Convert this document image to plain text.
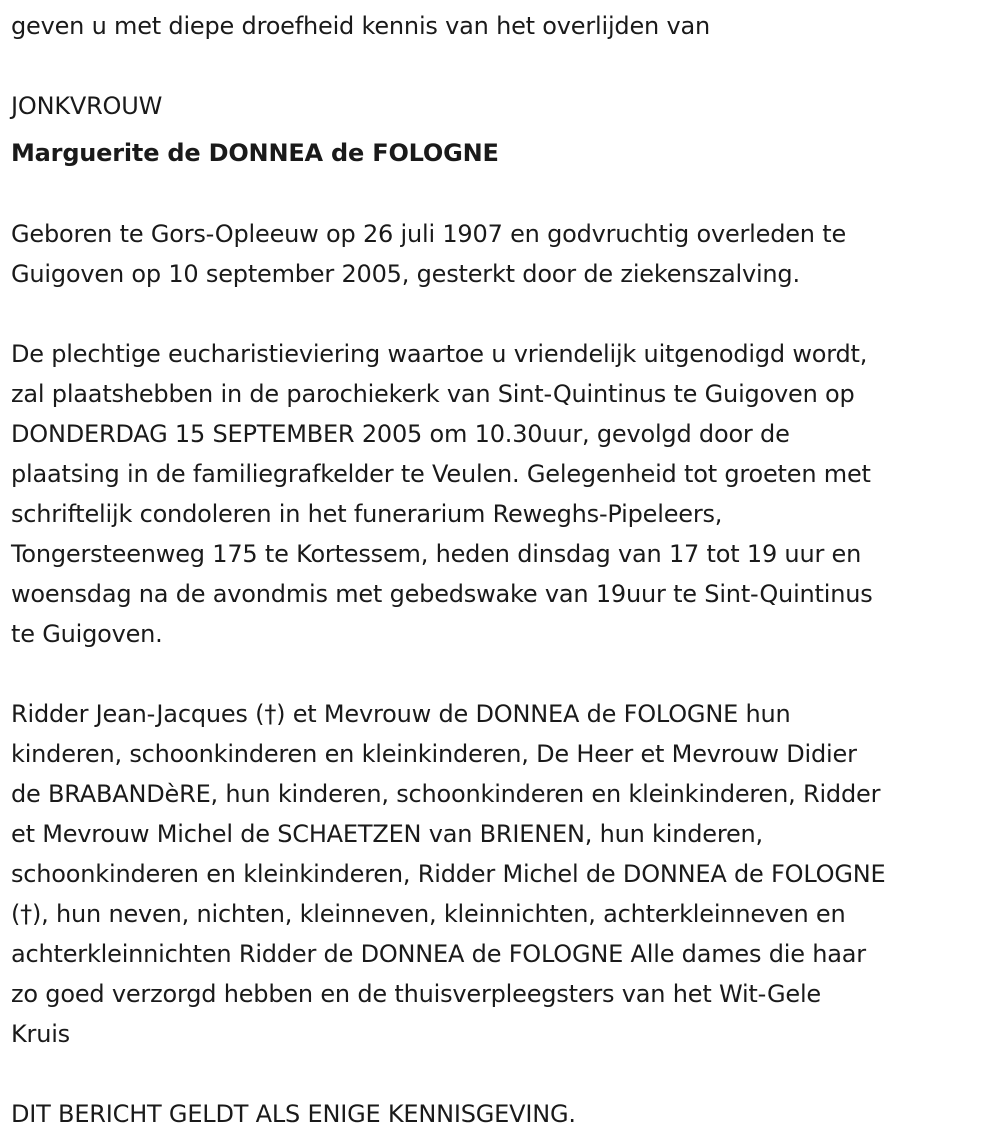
geven u met diepe droefheid kennis van het overlijden van

JONKVROUW

Marguerite de DONNEA de FOLOGNE

Geboren te Gors-Opleeuw op 26 juli 1907 en godvruchtig overleden te
Guigoven op 10 september 2005, gesterkt door de ziekenszalving.

De plechtige eucharistieviering waartoe u vriendelijk uitgenodigd wordt,
zal plaatshebben in de parochiekerk van Sint-Quintinus te Guigoven op
DONDERDAG 15 SEPTEMBER 2005 om 10.30uur, gevolgd door de
plaatsing in de familiegrafkelder te Veulen. Gelegenheid tot groeten met
schriftelijk condoleren in het funerarium Reweghs-Pipeleers,
Tongersteenweg 175 te Kortessem, heden dinsdag van 17 tot 19 uur en
woensdag na de avondmis met gebedswake van 19uur te Sint-Quintinus
te Guigoven.

Ridder Jean-Jacques (†) et Mevrouw de DONNEA de FOLOGNE hun
kinderen, schoonkinderen en kleinkinderen, De Heer et Mevrouw Didier
de BRABANDèRE, hun kinderen, schoonkinderen en kleinkinderen, Ridder
et Mevrouw Michel de SCHAETZEN van BRIENEN, hun kinderen,
schoonkinderen en kleinkinderen, Ridder Michel de DONNEA de FOLOGNE
(†), hun neven, nichten, kleinneven, kleinnichten, achterkleinneven en
achterkleinnichten Ridder de DONNEA de FOLOGNE Alle dames die haar
zo goed verzorgd hebben en de thuisverpleegsters van het Wit-Gele
Kruis

DIT BERICHT GELDT ALS ENIGE KENNISGEVING.
